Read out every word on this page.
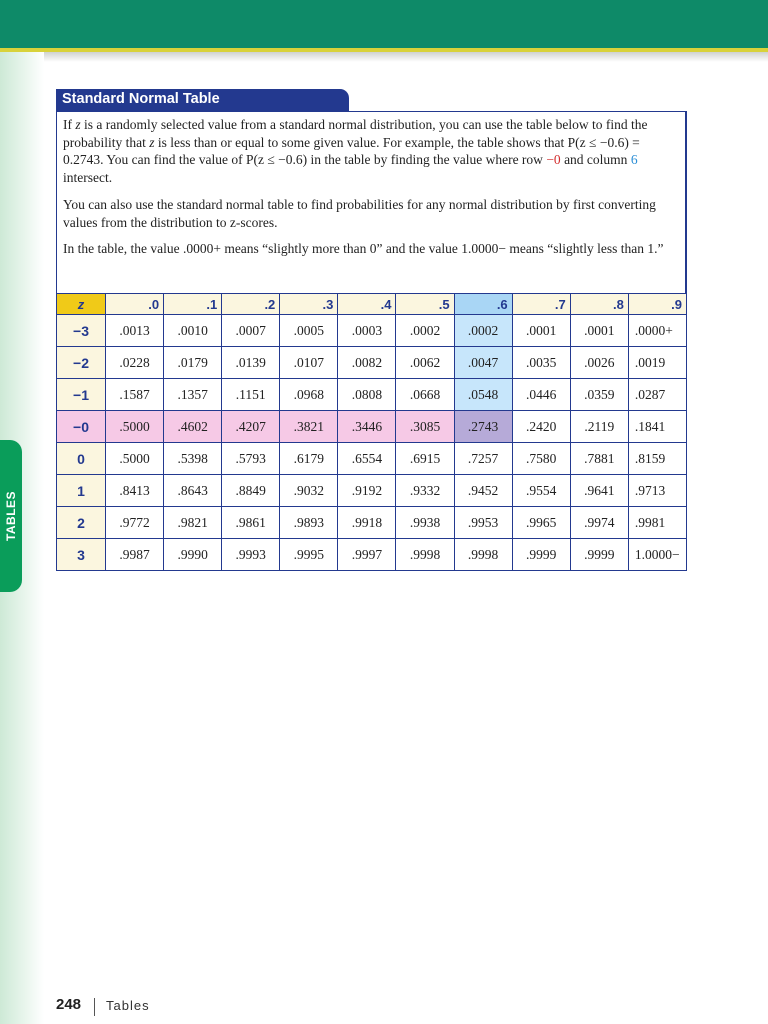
TABLES
Standard Normal Table

If z is a randomly selected value from a standard normal distribution, you can use the table below to find the probability that z is less than or equal to some given value. For example, the table shows that P(z ≤ −0.6) = 0.2743. You can find the value of P(z ≤ −0.6) in the table by finding the value where row −0 and column 6 intersect.

You can also use the standard normal table to find probabilities for any normal distribution by first converting values from the distribution to z-scores.

In the table, the value .0000+ means “slightly more than 0” and the value 1.0000− means “slightly less than 1.”

z	.0	.1	.2	.3	.4	.5	.6	.7	.8	.9
−3	.0013	.0010	.0007	.0005	.0003	.0002	.0002	.0001	.0001	.0000+
−2	.0228	.0179	.0139	.0107	.0082	.0062	.0047	.0035	.0026	.0019
−1	.1587	.1357	.1151	.0968	.0808	.0668	.0548	.0446	.0359	.0287
−0	.5000	.4602	.4207	.3821	.3446	.3085	.2743	.2420	.2119	.1841
0	.5000	.5398	.5793	.6179	.6554	.6915	.7257	.7580	.7881	.8159
1	.8413	.8643	.8849	.9032	.9192	.9332	.9452	.9554	.9641	.9713
2	.9772	.9821	.9861	.9893	.9918	.9938	.9953	.9965	.9974	.9981
3	.9987	.9990	.9993	.9995	.9997	.9998	.9998	.9999	.9999	1.0000−
248 Tables
